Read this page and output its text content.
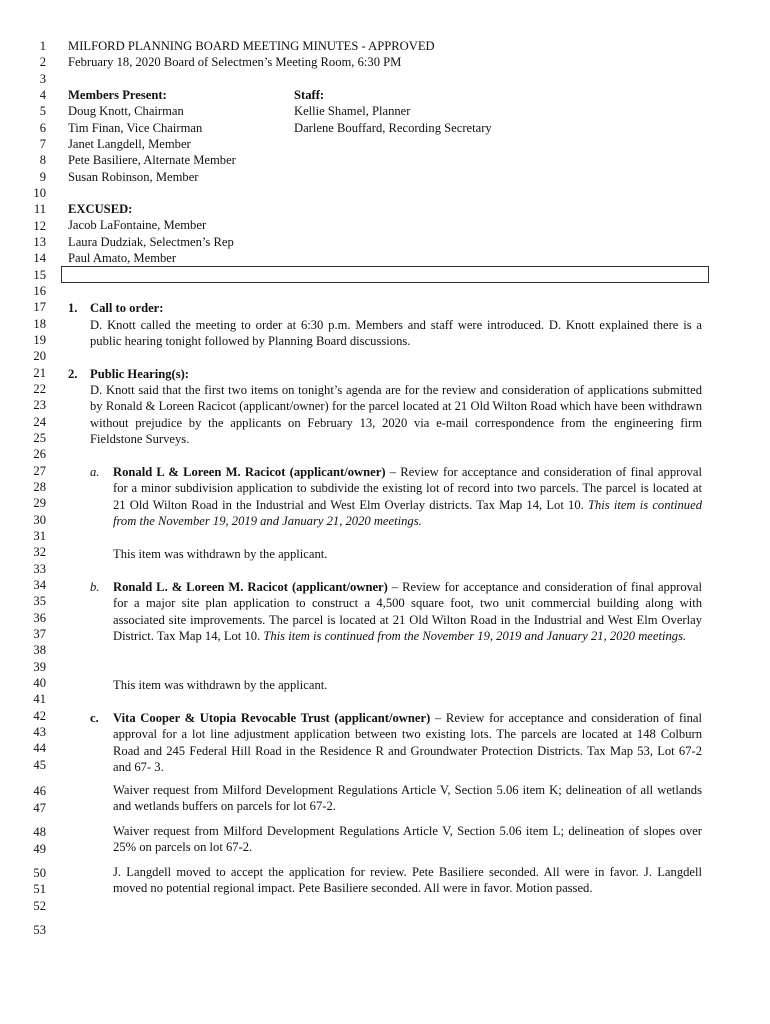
1
2
3
4
5
6
7
8
9
10
11
12
13
14
15
16
17
18
19
20
21
22
23
24
25
26
27
28
29
30
31
32
33
34
35
36
37
38
39
40
41
42
43
44
45
46
47
48
49
50
51
52
53
MILFORD PLANNING BOARD MEETING MINUTES - APPROVED
February 18, 2020 Board of Selectmen’s Meeting Room, 6:30 PM
Members Present:
Doug Knott, Chairman
Tim Finan, Vice Chairman
Janet Langdell, Member
Pete Basiliere, Alternate Member
Susan Robinson, Member
Staff:
Kellie Shamel, Planner
Darlene Bouffard, Recording Secretary
EXCUSED:
Jacob LaFontaine, Member
Laura Dudziak, Selectmen’s Rep
Paul Amato, Member
1. Call to order:
D. Knott called the meeting to order at 6:30 p.m. Members and staff were introduced. D. Knott explained there is a public hearing tonight followed by Planning Board discussions.
2. Public Hearing(s):
D. Knott said that the first two items on tonight’s agenda are for the review and consideration of applications submitted by Ronald & Loreen Racicot (applicant/owner) for the parcel located at 21 Old Wilton Road which have been withdrawn without prejudice by the applicants on February 13, 2020 via e-mail correspondence from the engineering firm Fieldstone Surveys.
a. Ronald L & Loreen M. Racicot (applicant/owner) – Review for acceptance and consideration of final approval for a minor subdivision application to subdivide the existing lot of record into two parcels. The parcel is located at 21 Old Wilton Road in the Industrial and West Elm Overlay districts. Tax Map 14, Lot 10. This item is continued from the November 19, 2019 and January 21, 2020 meetings.
This item was withdrawn by the applicant.
b. Ronald L. & Loreen M. Racicot (applicant/owner) – Review for acceptance and consideration of final approval for a major site plan application to construct a 4,500 square foot, two unit commercial building along with associated site improvements. The parcel is located at 21 Old Wilton Road in the Industrial and West Elm Overlay District. Tax Map 14, Lot 10. This item is continued from the November 19, 2019 and January 21, 2020 meetings.
This item was withdrawn by the applicant.
c. Vita Cooper & Utopia Revocable Trust (applicant/owner) – Review for acceptance and consideration of final approval for a lot line adjustment application between two existing lots. The parcels are located at 148 Colburn Road and 245 Federal Hill Road in the Residence R and Groundwater Protection Districts. Tax Map 53, Lot 67-2 and 67- 3.
Waiver request from Milford Development Regulations Article V, Section 5.06 item K; delineation of all wetlands and wetlands buffers on parcels for lot 67-2.
Waiver request from Milford Development Regulations Article V, Section 5.06 item L; delineation of slopes over 25% on parcels on lot 67-2.
J. Langdell moved to accept the application for review. Pete Basiliere seconded. All were in favor. J. Langdell moved no potential regional impact. Pete Basiliere seconded. All were in favor. Motion passed.
